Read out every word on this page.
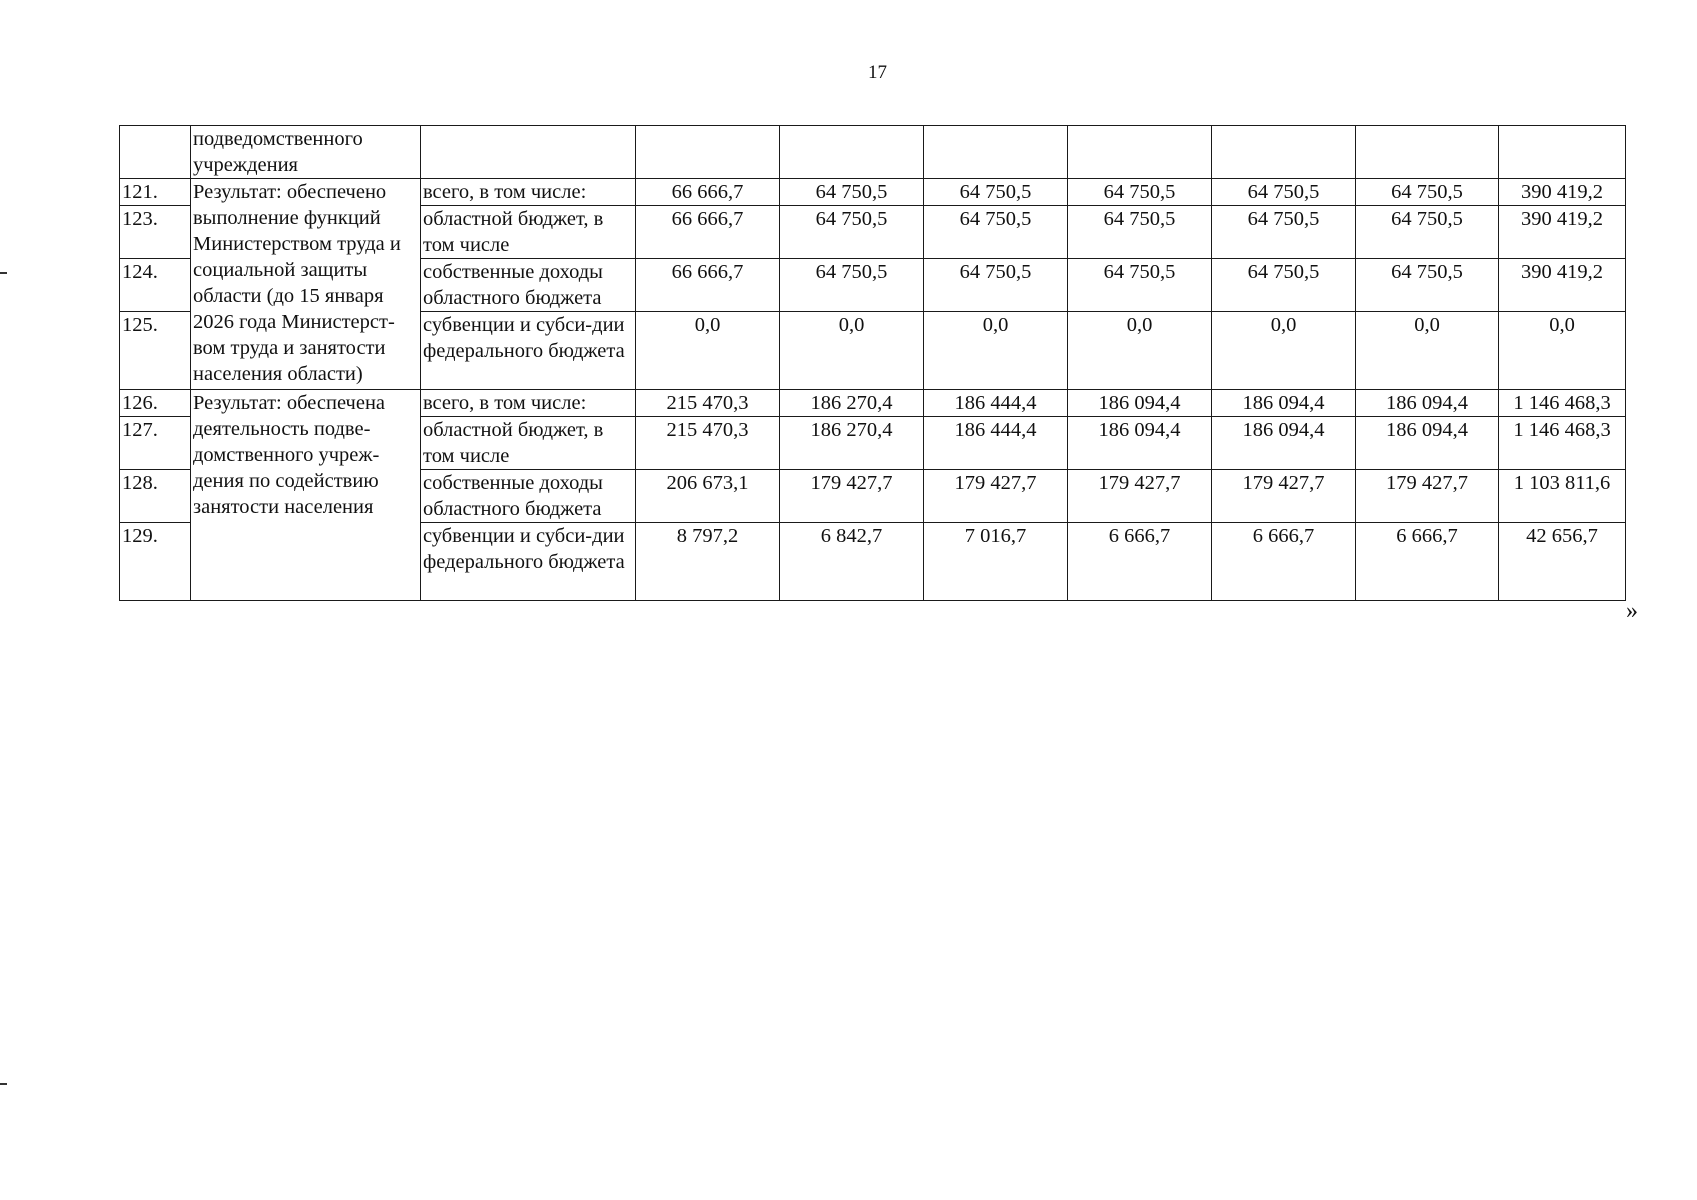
17
	подведомственного учреждения								
121.	Результат: обеспечено выполнение функций Министерством труда и социальной защиты области (до 15 января 2026 года Министерст-вом труда и занятости населения области)	всего, в том числе:	66 666,7	64 750,5	64 750,5	64 750,5	64 750,5	64 750,5	390 419,2
123.		областной бюджет, в том числе	66 666,7	64 750,5	64 750,5	64 750,5	64 750,5	64 750,5	390 419,2
124.		собственные доходы областного бюджета	66 666,7	64 750,5	64 750,5	64 750,5	64 750,5	64 750,5	390 419,2
125.		субвенции и субси-дии федерального бюджета	0,0	0,0	0,0	0,0	0,0	0,0	0,0
126.	Результат: обеспечена деятельность подве-домственного учреж-дения по содействию занятости населения	всего, в том числе:	215 470,3	186 270,4	186 444,4	186 094,4	186 094,4	186 094,4	1 146 468,3
127.		областной бюджет, в том числе	215 470,3	186 270,4	186 444,4	186 094,4	186 094,4	186 094,4	1 146 468,3
128.		собственные доходы областного бюджета	206 673,1	179 427,7	179 427,7	179 427,7	179 427,7	179 427,7	1 103 811,6
129.		субвенции и субси-дии федерального бюджета	8 797,2	6 842,7	7 016,7	6 666,7	6 666,7	6 666,7	42 656,7
»
